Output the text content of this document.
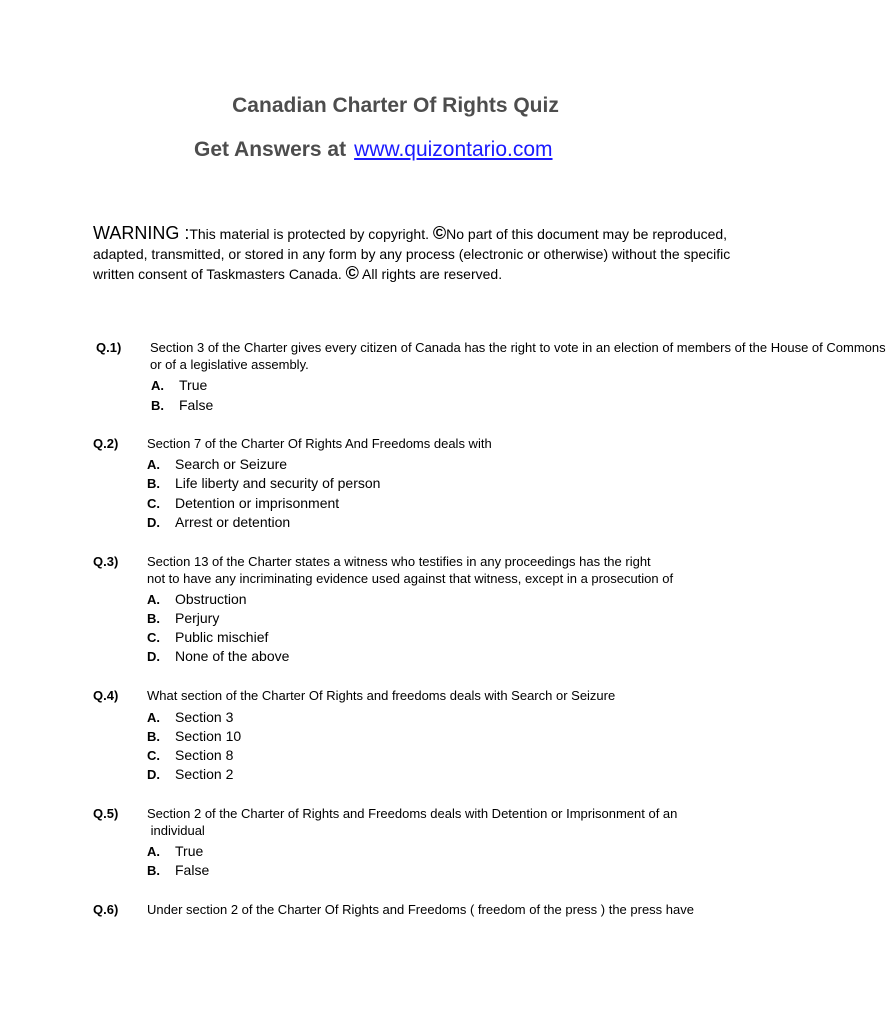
Canadian Charter Of Rights Quiz
Get Answers at www.quizontario.com
WARNING :This material is protected by copyright. ©No part of this document may be reproduced, adapted, transmitted, or stored in any form by any process (electronic or otherwise) without the specific written consent of Taskmasters Canada. © All rights are reserved.
Q.1) Section 3 of the Charter gives every citizen of Canada has the right to vote in an election of members of the House of Commons
or of a legislative assembly.
A. True
B. False
Q.2) Section 7 of the Charter Of Rights And Freedoms deals with
A. Search or Seizure
B. Life liberty and security of person
C. Detention or imprisonment
D. Arrest or detention
Q.3) Section 13 of the Charter states a witness who testifies in any proceedings has the right
not to have any incriminating evidence used against that witness, except in a prosecution of
A. Obstruction
B. Perjury
C. Public mischief
D. None of the above
Q.4) What section of the Charter Of Rights and freedoms deals with Search or Seizure
A. Section 3
B. Section 10
C. Section 8
D. Section 2
Q.5) Section 2 of the Charter of Rights and Freedoms deals with Detention or Imprisonment of an
individual
A. True
B. False
Q.6) Under section 2 of the Charter Of Rights and Freedoms ( freedom of the press ) the press have
